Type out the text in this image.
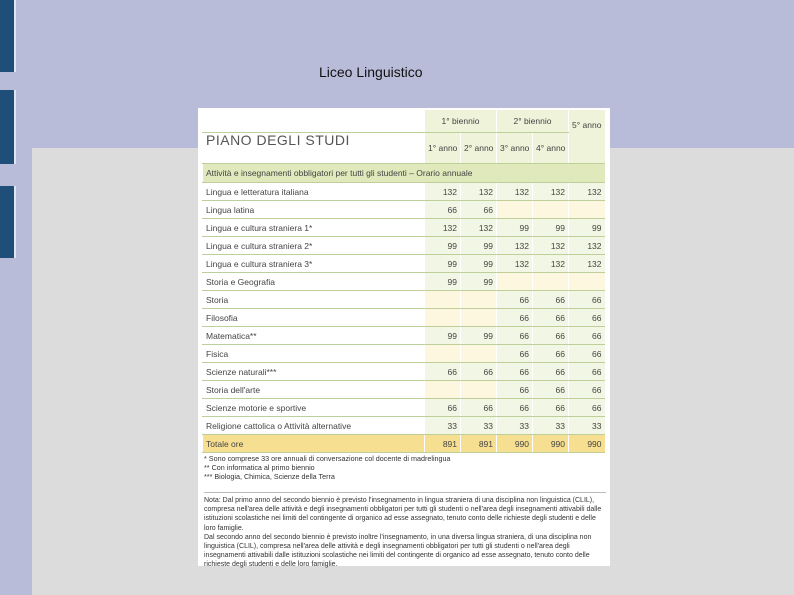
Liceo Linguistico
	1° biennio		2° biennio		5° anno
	1° anno	2° anno	3° anno	4° anno	
Attività e insegnamenti obbligatori per tutti gli studenti – Orario annuale					
Lingua e letteratura italiana	132	132	132	132	132
Lingua latina	66	66			
Lingua e cultura straniera 1*	132	132	99	99	99
Lingua e cultura straniera 2*	99	99	132	132	132
Lingua e cultura straniera 3*	99	99	132	132	132
Storia e Geografia	99	99			
Storia			66	66	66
Filosofia			66	66	66
Matematica**	99	99	66	66	66
Fisica			66	66	66
Scienze naturali***	66	66	66	66	66
Storia dell'arte			66	66	66
Scienze motorie e sportive	66	66	66	66	66
Religione cattolica o Attività alternative	33	33	33	33	33
Totale ore	891	891	990	990	990
PIANO DEGLI STUDI
* Sono comprese 33 ore annuali di conversazione col docente di madrelingua
** Con informatica al primo biennio
*** Biologia, Chimica, Scienze della Terra

Nota: Dal primo anno del secondo biennio è previsto l'insegnamento in lingua straniera di una disciplina non linguistica (CLIL), compresa nell'area delle attività e degli insegnamenti obbligatori per tutti gli studenti o nell'area degli insegnamenti attivabili dalle istituzioni scolastiche nei limiti del contingente di organico ad esse assegnato, tenuto conto delle richieste degli studenti e delle loro famiglie.

Dal secondo anno del secondo biennio è previsto inoltre l'insegnamento, in una diversa lingua straniera, di una disciplina non linguistica (CLIL), compresa nell'area delle attività e degli insegnamenti obbligatori per tutti gli studenti o nell'area degli insegnamenti attivabili dalle istituzioni scolastiche nei limiti del contingente di organico ad esse assegnato, tenuto conto delle richieste degli studenti e delle loro famiglie.
